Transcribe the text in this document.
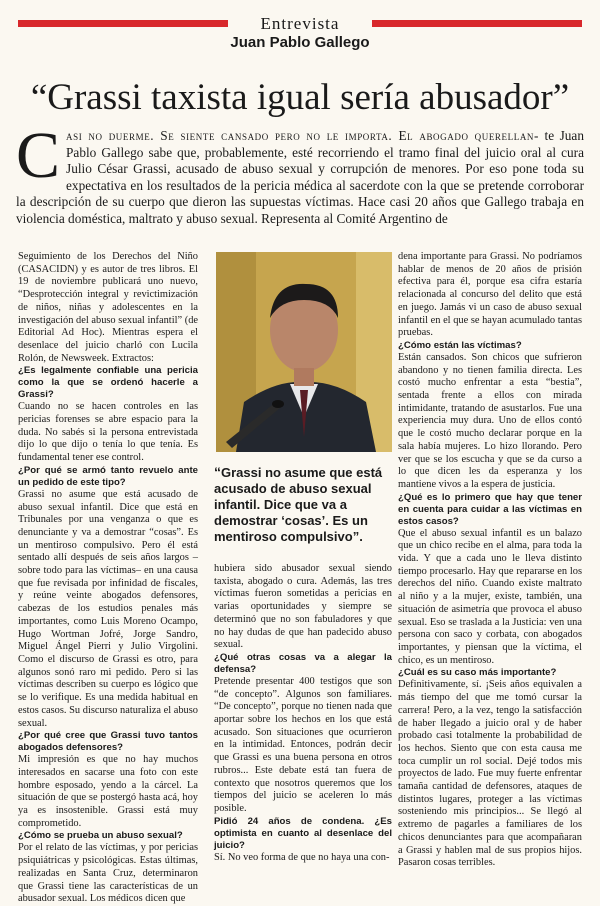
Entrevista
Juan Pablo Gallego
“Grassi taxista igual sería abusador”
Casi no duerme. Se siente cansado pero no le importa. El abogado querellan- te Juan Pablo Gallego sabe que, probablemente, esté recorriendo el tramo final del juicio oral al cura Julio César Grassi, acusado de abuso sexual y corrupción de menores. Por eso pone toda su expectativa en los resultados de la pericia médica al sacerdote con la que se pretende corroborar la descripción de su cuerpo que dieron las supuestas víctimas. Hace casi 20 años que Gallego trabaja en violencia doméstica, maltrato y abuso sexual. Representa al Comité Argentino de

Seguimiento de los Derechos del Niño (CASACIDN) y es autor de tres libros. El 19 de noviembre publicará uno nuevo, “Desprotección integral y revictimización de niños, niñas y adolescentes en la investigación del abuso sexual infantil” (de Editorial Ad Hoc). Mientras espera el desenlace del juicio charló con Lucila Rolón, de Newsweek. Extractos:

¿Es legalmente confiable una pericia como la que se ordenó hacerle a Grassi?

Cuando no se hacen controles en las pericias forenses se abre espacio para la duda. No sabés si la persona entrevistada dijo lo que dijo o tenía lo que tenía. Es fundamental tener ese control.

¿Por qué se armó tanto revuelo ante un pedido de este tipo?

Grassi no asume que está acusado de abuso sexual infantil. Dice que está en Tribunales por una venganza o que es denunciante y va a demostrar “cosas”. Es un mentiroso compulsivo. Pero él está sentado allí después de seis años largos –sobre todo para las víctimas– en una causa que fue revisada por infinidad de fiscales, y reúne veinte abogados defensores, cabezas de los estudios penales más importantes, como Luis Moreno Ocampo, Hugo Wortman Jofré, Jorge Sandro, Miguel Ángel Pierri y Julio Virgolini. Como el discurso de Grassi es otro, para algunos sonó raro mi pedido. Pero si las víctimas describen su cuerpo es lógico que se lo verifique. Es una medida habitual en estos casos. Su discurso naturaliza el abuso sexual.

¿Por qué cree que Grassi tuvo tantos abogados defensores?

Mi impresión es que no hay muchos interesados en sacarse una foto con este hombre esposado, yendo a la cárcel. La situación de que se postergó hasta acá, hoy ya es insostenible. Grassi está muy comprometido.

¿Cómo se prueba un abuso sexual?

Por el relato de las víctimas, y por pericias psiquiátricas y psicológicas. Estas últimas, realizadas en Santa Cruz, determinaron que Grassi tiene las características de un abusador sexual. Los médicos dicen que

“Grassi no asume que está acusado de abuso sexual infantil. Dice que va a demostrar ‘cosas’. Es un mentiroso compulsivo”.

hubiera sido abusador sexual siendo taxista, abogado o cura. Además, las tres víctimas fueron sometidas a pericias en varias oportunidades y siempre se determinó que no son fabuladores y que no hay dudas de que han padecido abuso sexual.

¿Qué otras cosas va a alegar la defensa?

Pretende presentar 400 testigos que son “de concepto”. Algunos son familiares. “De concepto”, porque no tienen nada que aportar sobre los hechos en los que está acusado. Son situaciones que ocurrieron en la intimidad. Entonces, podrán decir que Grassi es una buena persona en otros rubros... Este debate está tan fuera de contexto que nosotros queremos que los tiempos del juicio se aceleren lo más posible.

Pidió 24 años de condena. ¿Es optimista en cuanto al desenlace del juicio?

Sí. No veo forma de que no haya una con-

dena importante para Grassi. No podríamos hablar de menos de 20 años de prisión efectiva para él, porque esa cifra estaría relacionada al concurso del delito que está en juego. Jamás vi un caso de abuso sexual infantil en el que se hayan acumulado tantas pruebas.

¿Cómo están las víctimas?

Están cansados. Son chicos que sufrieron abandono y no tienen familia directa. Les costó mucho enfrentar a esta “bestia”, sentada frente a ellos con mirada intimidante, tratando de asustarlos. Fue una experiencia muy dura. Uno de ellos contó que le costó mucho declarar porque en la sala había mujeres. Lo hizo llorando. Pero ver que se los escucha y que se da curso a lo que dicen les da esperanza y los mantiene vivos a la espera de justicia.

¿Qué es lo primero que hay que tener en cuenta para cuidar a las víctimas en estos casos?

Que el abuso sexual infantil es un balazo que un chico recibe en el alma, para toda la vida. Y que a cada uno le lleva distinto tiempo procesarlo. Hay que repararse en los derechos del niño. Cuando existe maltrato al niño y a la mujer, existe, también, una situación de asimetría que provoca el abuso sexual. Eso se traslada a la Justicia: ven una persona con saco y corbata, con abogados importantes, y piensan que la víctima, el chico, es un mentiroso.

¿Cuál es su caso más importante?

Definitivamente, sí. ¡Seis años equivalen a más tiempo del que me tomó cursar la carrera! Pero, a la vez, tengo la satisfacción de haber llegado a juicio oral y de haber probado casi totalmente la probabilidad de los hechos. Siento que con esta causa me toca cumplir un rol social. Dejé todos mis proyectos de lado. Fue muy fuerte enfrentar tamaña cantidad de defensores, ataques de distintos lugares, proteger a las víctimas sosteniendo mis principios... Se llegó al extremo de pagarles a familiares de los chicos denunciantes para que acompañaran a Grassi y hablen mal de sus propios hijos. Pasaron cosas terribles.
